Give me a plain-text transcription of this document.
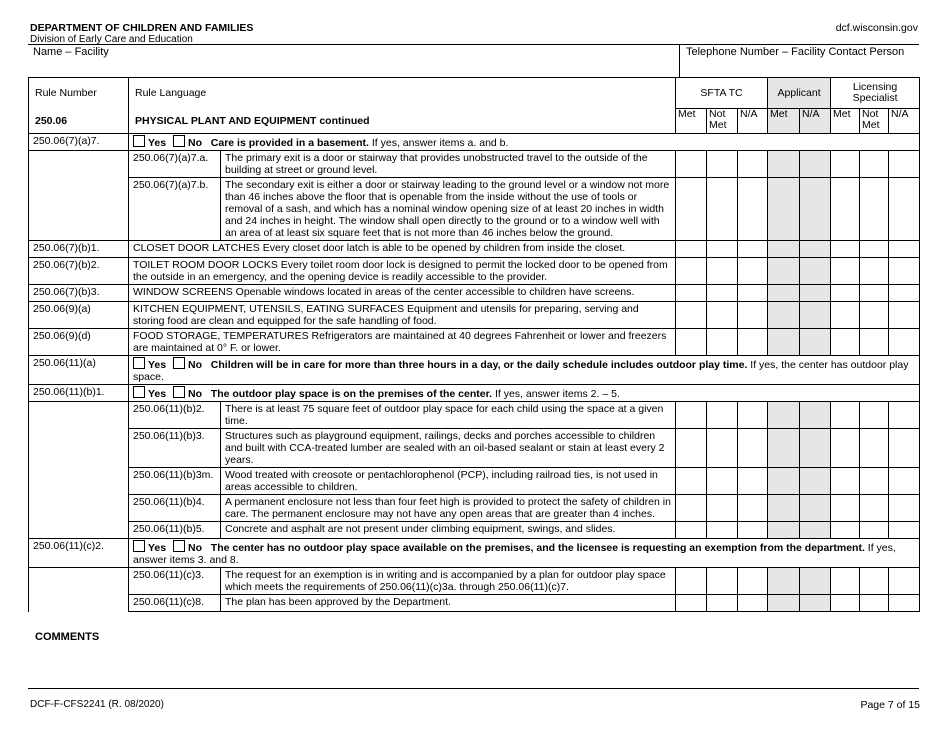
DEPARTMENT OF CHILDREN AND FAMILIES
Division of Early Care and Education
dcf.wisconsin.gov
Name – Facility	Telephone Number – Facility Contact Person
Rule Number	Rule Language		SFTA TC			Applicant		Licensing Specialist		
250.06	PHYSICAL PLANT AND EQUIPMENT continued		Met	Not Met	N/A	Met	N/A	Met	Not Met	N/A
250.06(7)(a)7.	Yes No Care is provided in a basement. If yes, answer items a. and b.									
	250.06(7)(a)7.a.	The primary exit is a door or stairway that provides unobstructed travel to the outside of the building at street or ground level.								
	250.06(7)(a)7.b.	The secondary exit is either a door or stairway leading to the ground level or a window not more than 46 inches above the floor that is openable from the inside without the use of tools or removal of a sash, and which has a nominal window opening size of at least 20 inches in width and 24 inches in height. The window shall open directly to the ground or to a window well with an area of at least six square feet that is not more than 46 inches below the ground.								
250.06(7)(b)1.	CLOSET DOOR LATCHES Every closet door latch is able to be opened by children from inside the closet.									
250.06(7)(b)2.	TOILET ROOM DOOR LOCKS Every toilet room door lock is designed to permit the locked door to be opened from the outside in an emergency, and the opening device is readily accessible to the provider.									
250.06(7)(b)3.	WINDOW SCREENS Openable windows located in areas of the center accessible to children have screens.									
250.06(9)(a)	KITCHEN EQUIPMENT, UTENSILS, EATING SURFACES Equipment and utensils for preparing, serving and storing food are clean and equipped for the safe handling of food.									
250.06(9)(d)	FOOD STORAGE, TEMPERATURES Refrigerators are maintained at 40 degrees Fahrenheit or lower and freezers are maintained at 0° F. or lower.									
250.06(11)(a)	Yes No Children will be in care for more than three hours in a day, or the daily schedule includes outdoor play time. If yes, the center has outdoor play space.									
250.06(11)(b)1.	Yes No The outdoor play space is on the premises of the center. If yes, answer items 2. – 5.									
	250.06(11)(b)2.	There is at least 75 square feet of outdoor play space for each child using the space at a given time.								
	250.06(11)(b)3.	Structures such as playground equipment, railings, decks and porches accessible to children and built with CCA-treated lumber are sealed with an oil-based sealant or stain at least every 2 years.								
	250.06(11)(b)3m.	Wood treated with creosote or pentachlorophenol (PCP), including railroad ties, is not used in areas accessible to children.								
	250.06(11)(b)4.	A permanent enclosure not less than four feet high is provided to protect the safety of children in care. The permanent enclosure may not have any open areas that are greater than 4 inches.								
	250.06(11)(b)5.	Concrete and asphalt are not present under climbing equipment, swings, and slides.								
250.06(11)(c)2.	Yes No The center has no outdoor play space available on the premises, and the licensee is requesting an exemption from the department. If yes, answer items 3. and 8.									
	250.06(11)(c)3.	The request for an exemption is in writing and is accompanied by a plan for outdoor play space which meets the requirements of 250.06(11)(c)3a. through 250.06(11)(c)7.								
	250.06(11)(c)8.	The plan has been approved by the Department.								
COMMENTS
DCF-F-CFS2241 (R. 08/2020)	Page 7 of 15
